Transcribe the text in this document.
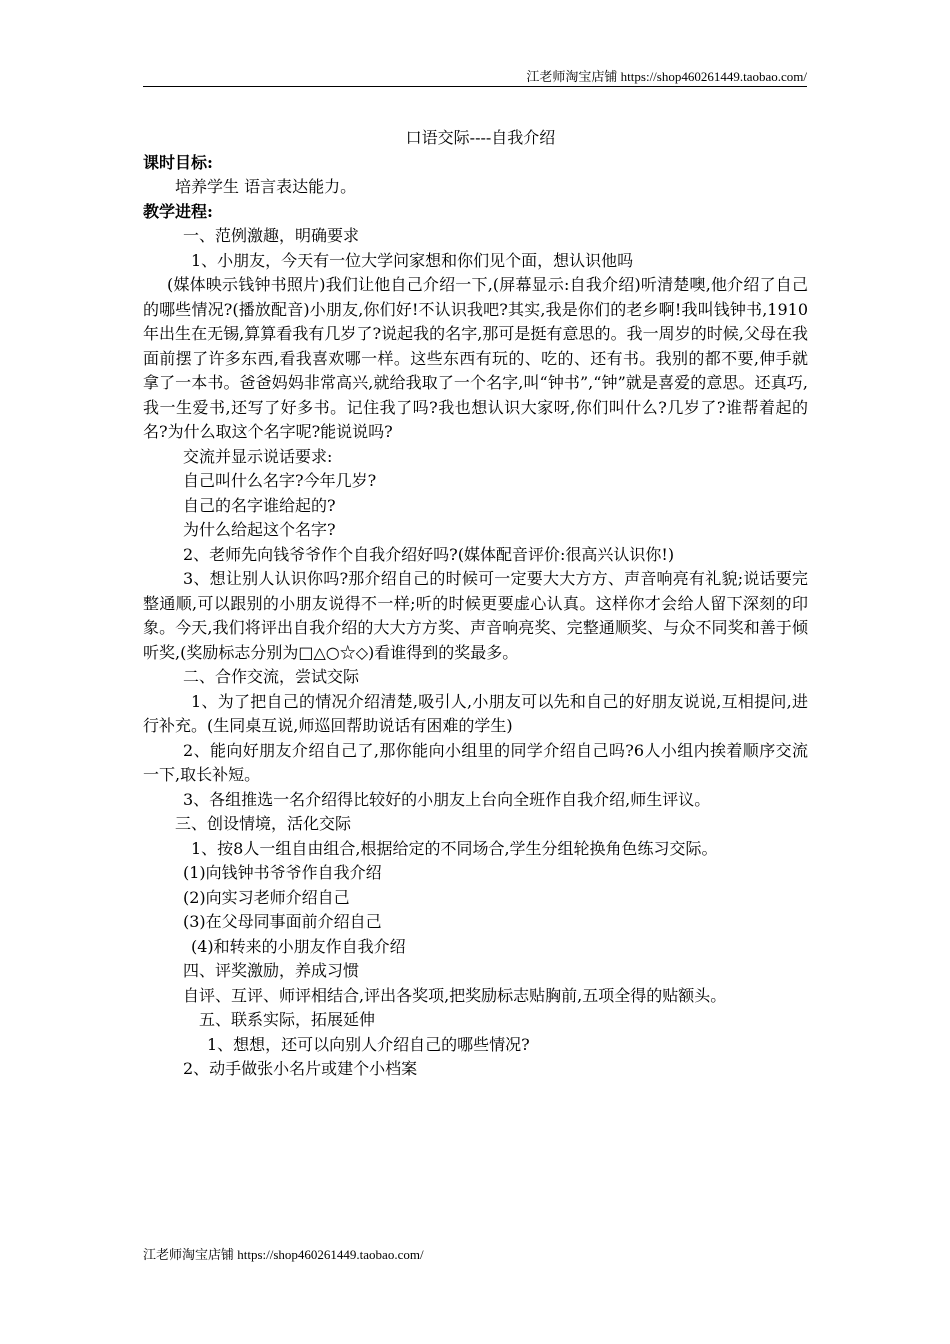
江老师淘宝店铺 https://shop460261449.taobao.com/
口语交际----自我介绍
课时目标:
培养学生 语言表达能力。
教学进程:
一、范例激趣，明确要求
1、小朋友，今天有一位大学问家想和你们见个面，想认识他吗
(媒体映示钱钟书照片)我们让他自己介绍一下,(屏幕显示:自我介绍)听清楚噢,他介绍了自己的哪些情况?(播放配音)小朋友,你们好!不认识我吧?其实,我是你们的老乡啊!我叫钱钟书,1910年出生在无锡,算算看我有几岁了?说起我的名字,那可是挺有意思的。我一周岁的时候,父母在我面前摆了许多东西,看我喜欢哪一样。这些东西有玩的、吃的、还有书。我别的都不要,伸手就拿了一本书。爸爸妈妈非常高兴,就给我取了一个名字,叫“钟书”,“钟”就是喜爱的意思。还真巧,我一生爱书,还写了好多书。记住我了吗?我也想认识大家呀,你们叫什么?几岁了?谁帮着起的名?为什么取这个名字呢?能说说吗?
交流并显示说话要求:
自己叫什么名字?今年几岁?
自己的名字谁给起的?
为什么给起这个名字?
2、老师先向钱爷爷作个自我介绍好吗?(媒体配音评价:很高兴认识你!)
3、想让别人认识你吗?那介绍自己的时候可一定要大大方方、声音响亮有礼貌;说话要完整通顺,可以跟别的小朋友说得不一样;听的时候更要虚心认真。这样你才会给人留下深刻的印象。今天,我们将评出自我介绍的大大方方奖、声音响亮奖、完整通顺奖、与众不同奖和善于倾听奖,(奖励标志分别为□△○☆◇)看谁得到的奖最多。
二、合作交流，尝试交际
1、为了把自己的情况介绍清楚,吸引人,小朋友可以先和自己的好朋友说说,互相提问,进行补充。(生同桌互说,师巡回帮助说话有困难的学生)
2、能向好朋友介绍自己了,那你能向小组里的同学介绍自己吗?6人小组内挨着顺序交流一下,取长补短。
3、各组推选一名介绍得比较好的小朋友上台向全班作自我介绍,师生评议。
三、创设情境，活化交际
1、按8人一组自由组合,根据给定的不同场合,学生分组轮换角色练习交际。
(1)向钱钟书爷爷作自我介绍
(2)向实习老师介绍自己
(3)在父母同事面前介绍自己
(4)和转来的小朋友作自我介绍
四、评奖激励，养成习惯
自评、互评、师评相结合,评出各奖项,把奖励标志贴胸前,五项全得的贴额头。
五、联系实际，拓展延伸
1、想想，还可以向别人介绍自己的哪些情况?
2、动手做张小名片或建个小档案
江老师淘宝店铺 https://shop460261449.taobao.com/
